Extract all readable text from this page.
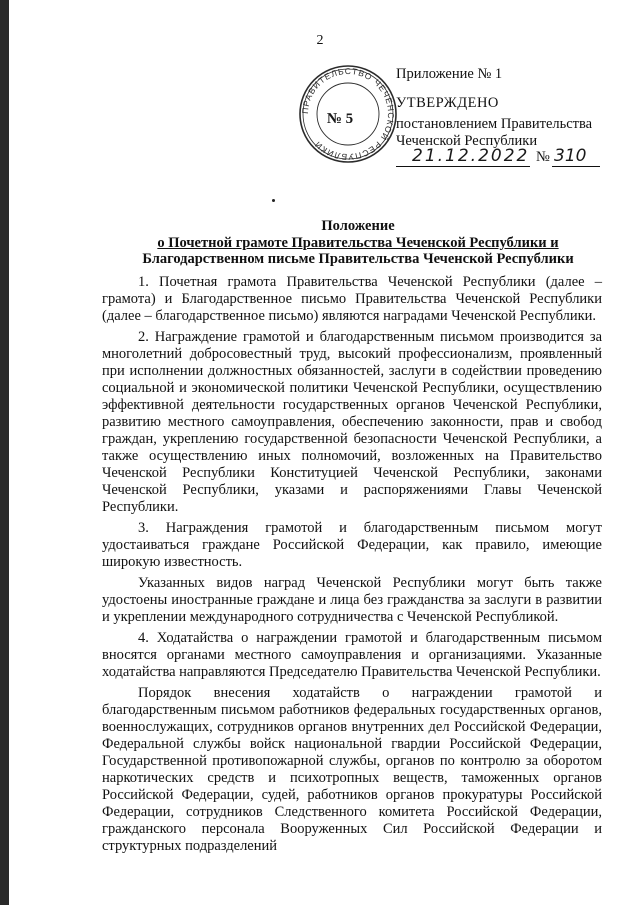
2
ПРАВИТЕЛЬСТВО ЧЕЧЕНСКОЙ РЕСПУБЛИКИ
№ 5
Приложение № 1
УТВЕРЖДЕНО
постановлением Правительства
Чеченской Республики
21.12.2022 № 310
Положение
о Почетной грамоте Правительства Чеченской Республики и
Благодарственном письме Правительства Чеченской Республики

1. Почетная грамота Правительства Чеченской Республики (далее – грамота) и Благодарственное письмо Правительства Чеченской Республики (далее – благодарственное письмо) являются наградами Чеченской Республики.

2. Награждение грамотой и благодарственным письмом производится за многолетний добросовестный труд, высокий профессионализм, проявленный при исполнении должностных обязанностей, заслуги в содействии проведению социальной и экономической политики Чеченской Республики, осуществлению эффективной деятельности государственных органов Чеченской Республики, развитию местного самоуправления, обеспечению законности, прав и свобод граждан, укреплению государственной безопасности Чеченской Республики, а также осуществлению иных полномочий, возложенных на Правительство Чеченской Республики Конституцией Чеченской Республики, законами Чеченской Республики, указами и распоряжениями Главы Чеченской Республики.

3. Награждения грамотой и благодарственным письмом могут удостаиваться граждане Российской Федерации, как правило, имеющие широкую известность.

Указанных видов наград Чеченской Республики могут быть также удостоены иностранные граждане и лица без гражданства за заслуги в развитии и укреплении международного сотрудничества с Чеченской Республикой.

4. Ходатайства о награждении грамотой и благодарственным письмом вносятся органами местного самоуправления и организациями. Указанные ходатайства направляются Председателю Правительства Чеченской Республики.

Порядок внесения ходатайств о награждении грамотой и благодарственным письмом работников федеральных государственных органов, военнослужащих, сотрудников органов внутренних дел Российской Федерации, Федеральной службы войск национальной гвардии Российской Федерации, Государственной противопожарной службы, органов по контролю за оборотом наркотических средств и психотропных веществ, таможенных органов Российской Федерации, судей, работников органов прокуратуры Российской Федерации, сотрудников Следственного комитета Российской Федерации, гражданского персонала Вооруженных Сил Российской Федерации и структурных подразделений
